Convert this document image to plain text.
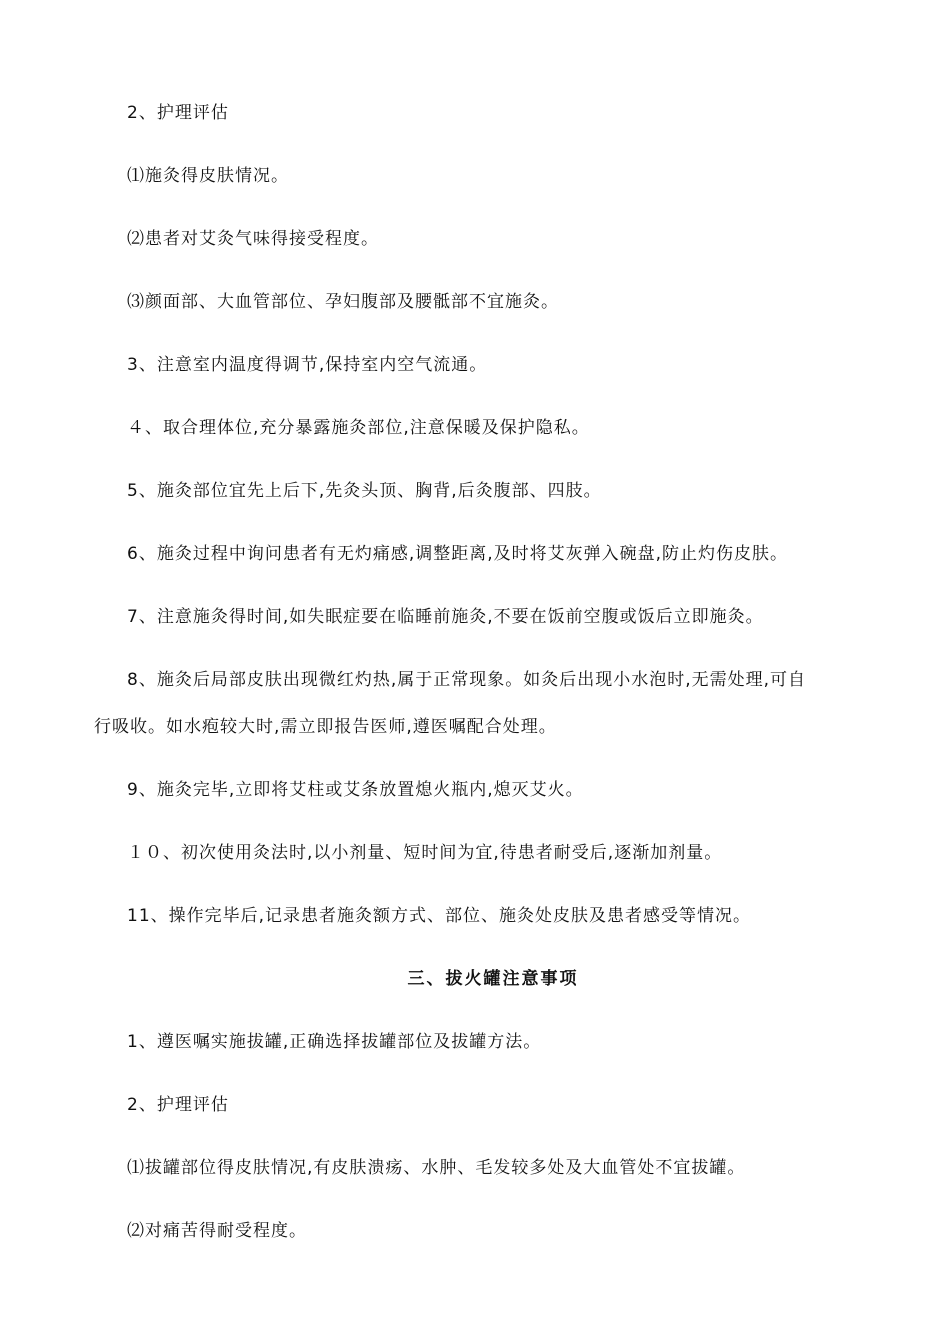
2、护理评估
⑴施灸得皮肤情况。
⑵患者对艾灸气味得接受程度。
⑶颜面部、大血管部位、孕妇腹部及腰骶部不宜施灸。
3、注意室内温度得调节,保持室内空气流通。
４、取合理体位,充分暴露施灸部位,注意保暖及保护隐私。
5、施灸部位宜先上后下,先灸头顶、胸背,后灸腹部、四肢。
6、施灸过程中询问患者有无灼痛感,调整距离,及时将艾灰弹入碗盘,防止灼伤皮肤。
7、注意施灸得时间,如失眠症要在临睡前施灸,不要在饭前空腹或饭后立即施灸。
8、施灸后局部皮肤出现微红灼热,属于正常现象。如灸后出现小水泡时,无需处理,可自
行吸收。如水疱较大时,需立即报告医师,遵医嘱配合处理。
9、施灸完毕,立即将艾柱或艾条放置熄火瓶内,熄灭艾火。
１０、初次使用灸法时,以小剂量、短时间为宜,待患者耐受后,逐渐加剂量。
11、操作完毕后,记录患者施灸额方式、部位、施灸处皮肤及患者感受等情况。
三、拔火罐注意事项
1、遵医嘱实施拔罐,正确选择拔罐部位及拔罐方法。
2、护理评估
⑴拔罐部位得皮肤情况,有皮肤溃疡、水肿、毛发较多处及大血管处不宜拔罐。
⑵对痛苦得耐受程度。
